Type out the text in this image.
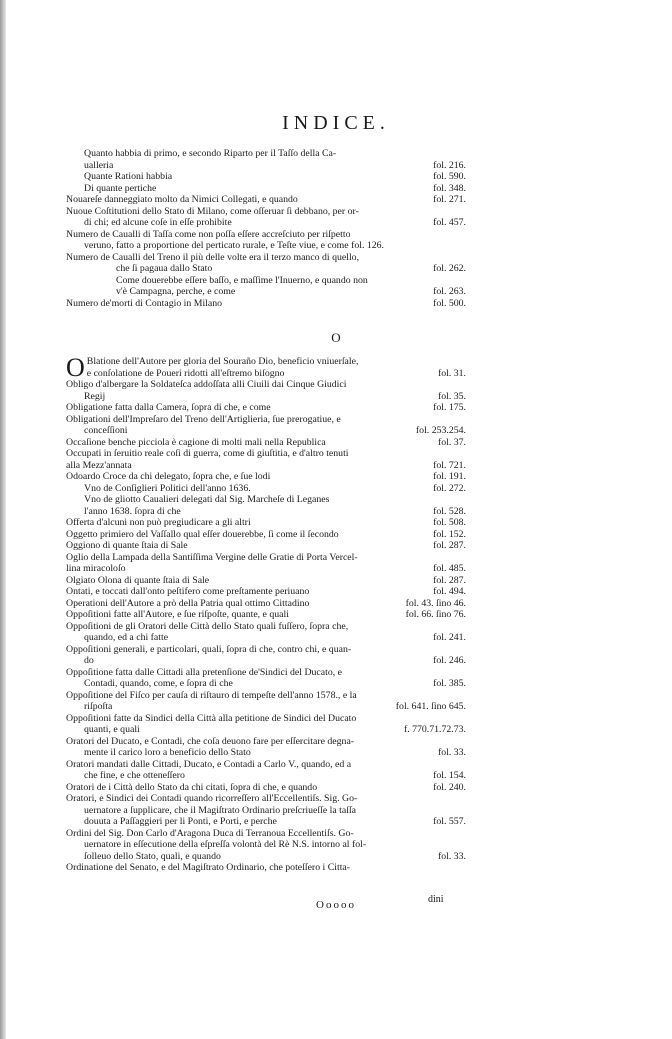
INDICE.
Quanto habbia di primo, e secondo Riparto per il Taſſo della Ca-
ualleria	fol. 216.
Quante Rationi habbia	fol. 590.
Di quante pertiche	fol. 348.
Nouareſe danneggiato molto da Nimici Collegati, e quando	fol. 271.
Nuoue Coſtitutioni dello Stato di Milano, come oſſeruar ſi debbano, per or-
di chi; ed alcune coſe in eſſe prohibite	fol. 457.
Numero de Caualli di Taſſa come non poſſa eſſere accreſciuto per riſpetto
veruno, fatto a proportione del perticato rurale, e Teſte viue, e come fol. 126.
Numero de Caualli del Treno il più delle volte era il terzo manco di quello,
che ſi pagaua dallo Stato	fol. 262.
Come douerebbe eſſere baſſo, e maſſime l'Inuerno, e quando non
v'è Campagna, perche, e come	fol. 263.
Numero de'morti di Contagio in Milano	fol. 500.
O
O Blatione dell'Autore per gloria del Souraño Dio, beneficio vniuerſale,
e conſolatione de Poueri ridotti all'eſtremo biſogno	fol. 31.
Obligo d'albergare la Soldateſca addoſſata alli Ciuili dai Cinque Giudici
Regij	fol. 35.
Obligatione fatta dalla Camera, ſopra di che, e come	fol. 175.
Obligationi dell'Impreſaro del Treno dell'Artiglieria, ſue prerogatiue, e
conceſſioni	fol. 253.254.
Occaſione benche picciola è cagione di molti mali nella Republica	fol. 37.
Occupati in ſeruitio reale coſi di guerra, come di giuſtitia, e d'altro tenuti
alla Mezz'annata	fol. 721.
Odoardo Croce da chi delegato, ſopra che, e ſue lodi	fol. 191.
Vno de Conſiglieri Politici dell'anno 1636.	fol. 272.
Vno de gliotto Caualieri delegati dal Sig. Marcheſe di Leganes
l'anno 1638. ſopra di che	fol. 528.
Offerta d'alcuni non può pregiudicare a gli altri	fol. 508.
Oggetto primiero del Vaſſallo qual eſſer douerebbe, ſi come il ſecondo	fol. 152.
Oggiono di quante ſtaia di Sale	fol. 287.
Oglio della Lampada della Santiſſima Vergine delle Gratie di Porta Vercel-
lina miracoloſo	fol. 485.
Olgiato Olona di quante ſtaia di Sale	fol. 287.
Ontati, e toccati dall'onto peſtifero come preſtamente periuano	fol. 494.
Operationi dell'Autore a prò della Patria qual ottimo Cittadino	fol. 43. ſino 46.
Oppoſitioni fatte all'Autore, e ſue riſpoſte, quante, e quali	fol. 66. ſino 76.
Oppoſitioni de gli Oratori delle Città dello Stato quali fuſſero, ſopra che,
quando, ed a chi fatte	fol. 241.
Oppoſitioni generali, e particolari, quali, ſopra di che, contro chi, e quan-
do	fol. 246.
Oppoſitione fatta dalle Cittadi alla pretenſione de'Sindici del Ducato, e
Contadi, quando, come, e ſopra di che	fol. 385.
Oppoſitione del Fiſco per cauſa di riſtauro di tempeſte dell'anno 1578., e la
riſpoſta	fol. 641. ſino 645.
Oppoſitioni fatte da Sindici della Città alla petitione de Sindici del Ducato
quanti, e quali	f. 770.71.72.73.
Oratori del Ducato, e Contadi, che coſa deuono fare per eſſercitare degna-
mente il carico loro a beneficio dello Stato	fol. 33.
Oratori mandati dalle Cittadi, Ducato, e Contadi a Carlo V., quando, ed a
che fine, e che otteneſſero	fol. 154.
Oratori de i Città dello Stato da chi citati, ſopra di che, e quando	fol. 240.
Oratori, e Sindici dei Contadi quando ricorreſſero all'Eccellentiſs. Sig. Go-
uernatore a ſupplicare, che il Magiſtrato Ordinario preſcriueſſe la taſſa
douuta a Paſſaggieri per li Ponti, e Porti, e perche	fol. 557.
Ordini del Sig. Don Carlo d'Aragona Duca di Terranoua Eccellentiſs. Go-
uernatore in eſſecutione della eſpreſſa volontà del Rè N.S. intorno al fol-
ſolleuo dello Stato, quali, e quando	fol. 33.
Ordinatione del Senato, e del Magiſtrato Ordinario, che poteſſero i Citta-
Ooooo	dini
